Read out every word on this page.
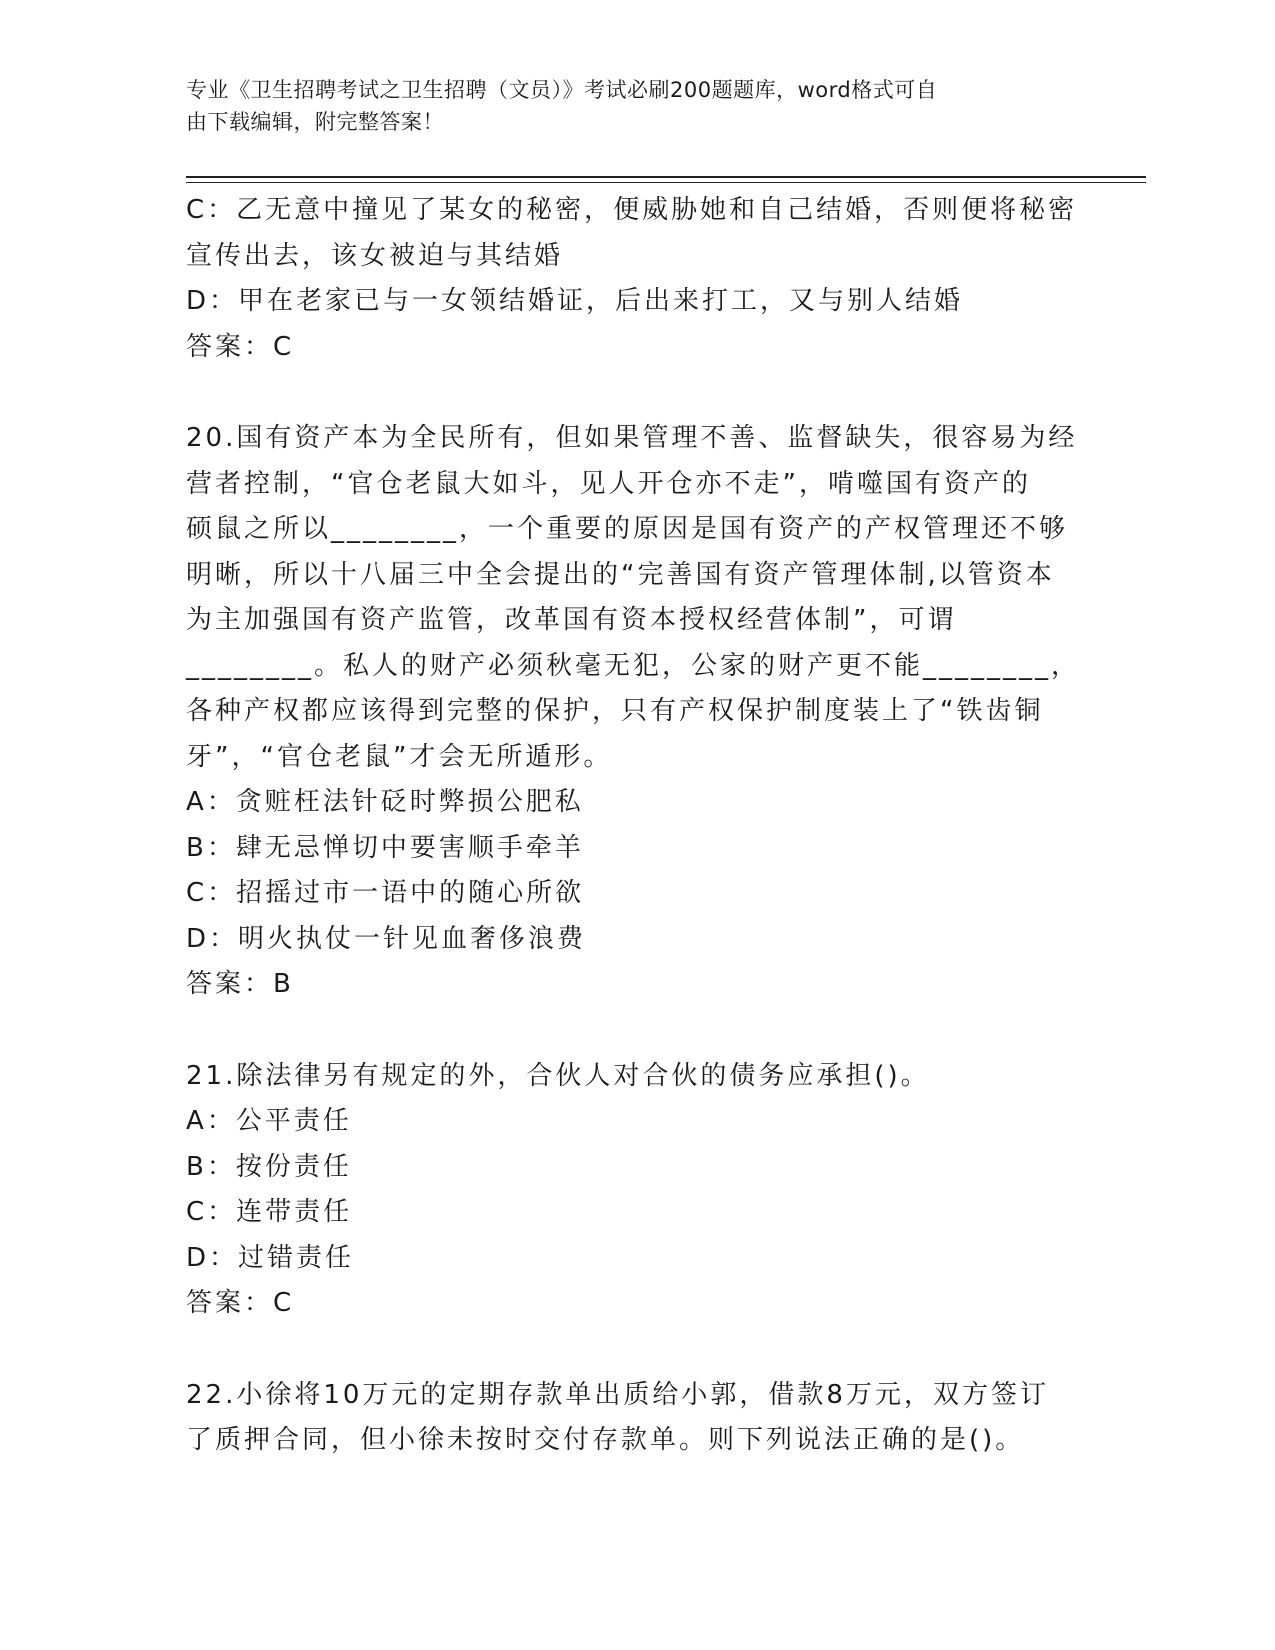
专业《卫生招聘考试之卫生招聘（文员）》考试必刷200题题库，word格式可自
由下载编辑，附完整答案！
C：乙无意中撞见了某女的秘密，便威胁她和自己结婚，否则便将秘密
宣传出去，该女被迫与其结婚
D：甲在老家已与一女领结婚证，后出来打工，又与别人结婚
答案：C
20.国有资产本为全民所有，但如果管理不善、监督缺失，很容易为经
营者控制，“官仓老鼠大如斗，见人开仓亦不走”，啃噬国有资产的
硕鼠之所以________，一个重要的原因是国有资产的产权管理还不够
明晰，所以十八届三中全会提出的“完善国有资产管理体制,以管资本
为主加强国有资产监管，改革国有资本授权经营体制”，可谓
________。私人的财产必须秋毫无犯，公家的财产更不能________，
各种产权都应该得到完整的保护，只有产权保护制度装上了“铁齿铜
牙”，“官仓老鼠”才会无所遁形。
A：贪赃枉法针砭时弊损公肥私
B：肆无忌惮切中要害顺手牵羊
C：招摇过市一语中的随心所欲
D：明火执仗一针见血奢侈浪费
答案：B
21.除法律另有规定的外，合伙人对合伙的债务应承担()。
A：公平责任
B：按份责任
C：连带责任
D：过错责任
答案：C
22.小徐将10万元的定期存款单出质给小郭，借款8万元，双方签订
了质押合同，但小徐未按时交付存款单。则下列说法正确的是()。
